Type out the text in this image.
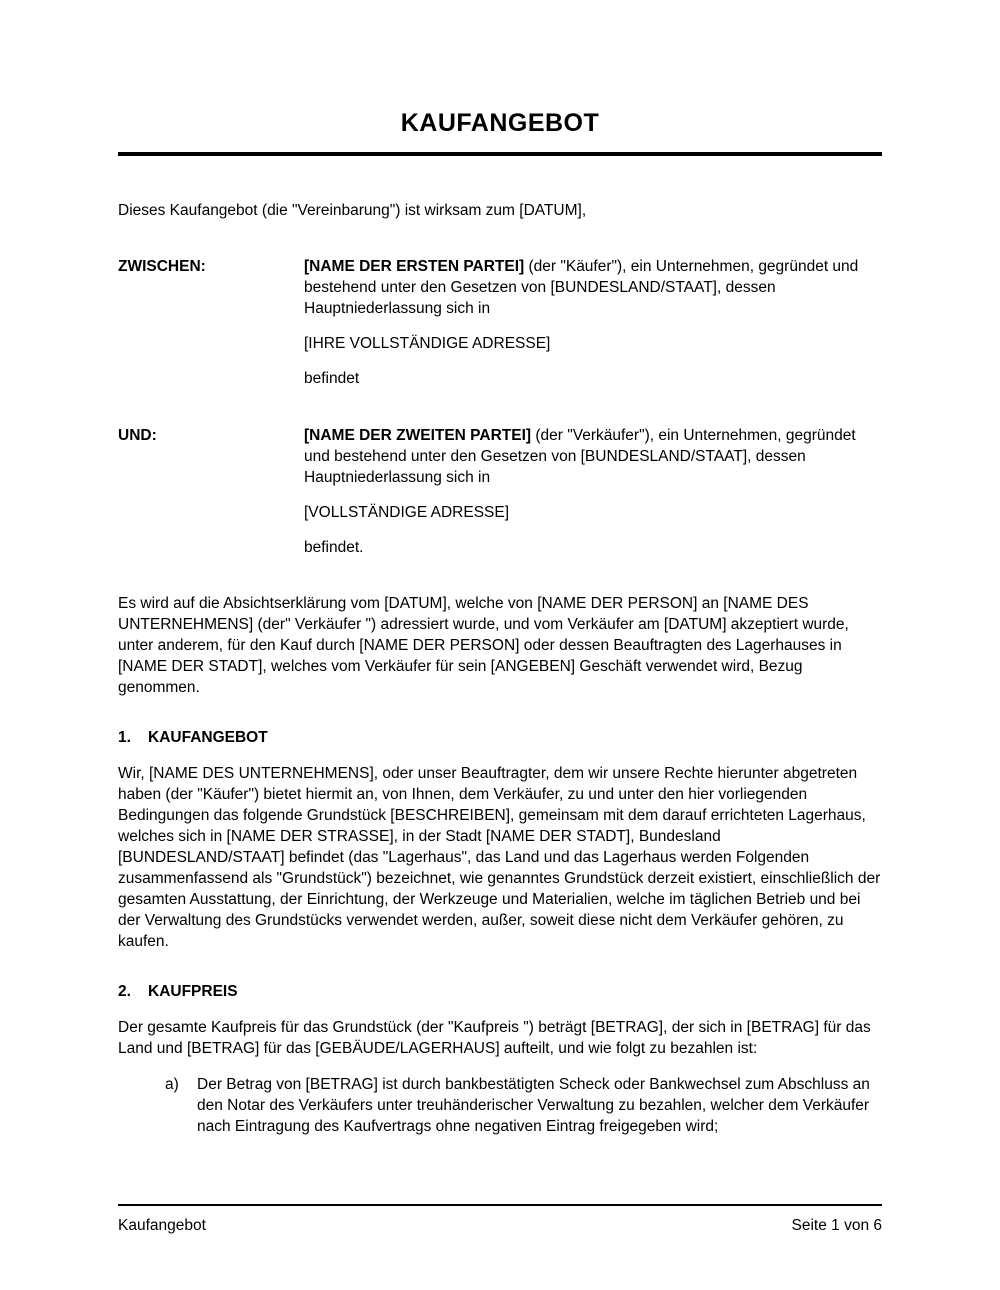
KAUFANGEBOT

Dieses Kaufangebot (die "Vereinbarung") ist wirksam zum [DATUM],

ZWISCHEN:	[NAME DER ERSTEN PARTEI] (der "Käufer"), ein Unternehmen, gegründet und bestehend unter den Gesetzen von [BUNDESLAND/STAAT], dessen Hauptniederlassung sich in

[IHRE VOLLSTÄNDIGE ADRESSE]

befindet

UND:	[NAME DER ZWEITEN PARTEI] (der "Verkäufer"), ein Unternehmen, gegründet und bestehend unter den Gesetzen von [BUNDESLAND/STAAT], dessen Hauptniederlassung sich in

[VOLLSTÄNDIGE ADRESSE]

befindet.

Es wird auf die Absichtserklärung vom [DATUM], welche von [NAME DER PERSON] an [NAME DES UNTERNEHMENS] (der" Verkäufer ") adressiert wurde, und vom Verkäufer am [DATUM] akzeptiert wurde, unter anderem, für den Kauf durch [NAME DER PERSON] oder dessen Beauftragten des Lagerhauses in [NAME DER STADT], welches vom Verkäufer für sein [ANGEBEN] Geschäft verwendet wird, Bezug genommen.

1. KAUFANGEBOT

Wir, [NAME DES UNTERNEHMENS], oder unser Beauftragter, dem wir unsere Rechte hierunter abgetreten haben (der "Käufer") bietet hiermit an, von Ihnen, dem Verkäufer, zu und unter den hier vorliegenden Bedingungen das folgende Grundstück [BESCHREIBEN], gemeinsam mit dem darauf errichteten Lagerhaus, welches sich in [NAME DER STRASSE], in der Stadt [NAME DER STADT], Bundesland [BUNDESLAND/STAAT] befindet (das "Lagerhaus", das Land und das Lagerhaus werden Folgenden zusammenfassend als "Grundstück") bezeichnet, wie genanntes Grundstück derzeit existiert, einschließlich der gesamten Ausstattung, der Einrichtung, der Werkzeuge und Materialien, welche im täglichen Betrieb und bei der Verwaltung des Grundstücks verwendet werden, außer, soweit diese nicht dem Verkäufer gehören, zu kaufen.

2. KAUFPREIS

Der gesamte Kaufpreis für das Grundstück (der "Kaufpreis ") beträgt [BETRAG], der sich in [BETRAG] für das Land und [BETRAG] für das [GEBÄUDE/LAGERHAUS] aufteilt, und wie folgt zu bezahlen ist:

a)	Der Betrag von [BETRAG] ist durch bankbestätigten Scheck oder Bankwechsel zum Abschluss an den Notar des Verkäufers unter treuhänderischer Verwaltung zu bezahlen, welcher dem Verkäufer nach Eintragung des Kaufvertrags ohne negativen Eintrag freigegeben wird;
Kaufangebot	Seite 1 von 6
